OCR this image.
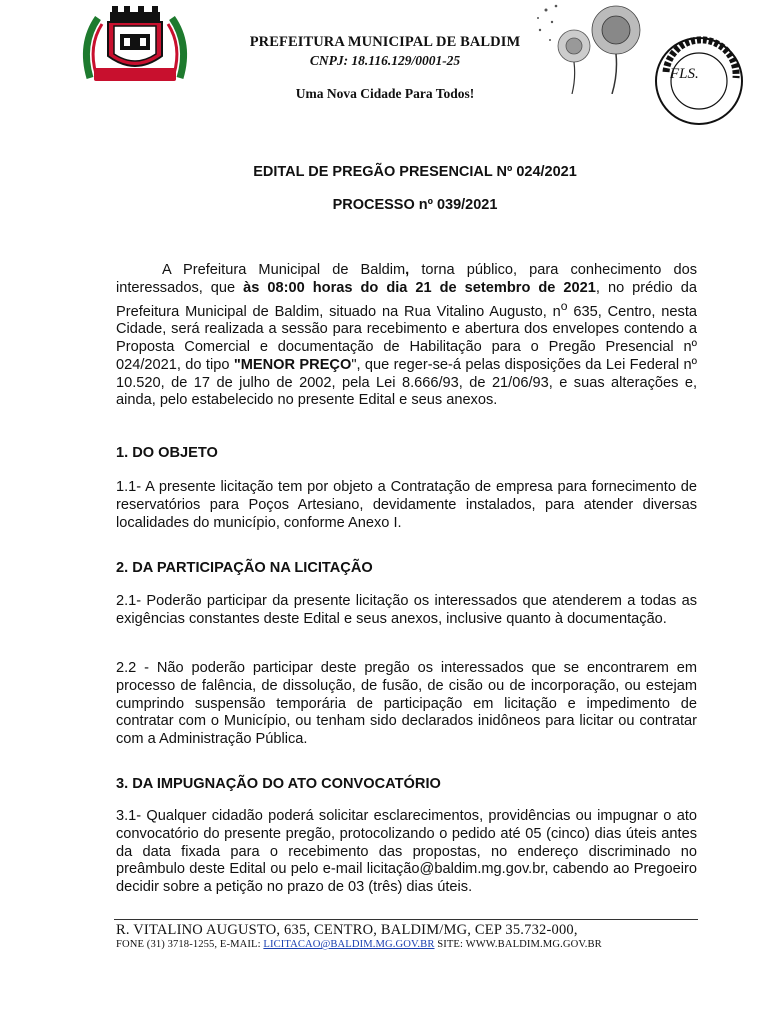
FLS.
PREFEITURA MUNICIPAL DE BALDIM
CNPJ: 18.116.129/0001-25
Uma Nova Cidade Para Todos!
EDITAL DE PREGÃO PRESENCIAL Nº 024/2021
PROCESSO nº 039/2021

A Prefeitura Municipal de Baldim, torna público, para conhecimento dos interessados, que às 08:00 horas do dia 21 de setembro de 2021, no prédio da Prefeitura Municipal de Baldim, situado na Rua Vitalino Augusto, $n^o$ 635, Centro, nesta Cidade, será realizada a sessão para recebimento e abertura dos envelopes contendo a Proposta Comercial e documentação de Habilitação para o Pregão Presencial nº 024/2021, do tipo "MENOR PREÇO", que reger-se-á pelas disposições da Lei Federal nº 10.520, de 17 de julho de 2002, pela Lei 8.666/93, de 21/06/93, e suas alterações e, ainda, pelo estabelecido no presente Edital e seus anexos.

1. DO OBJETO

1.1- A presente licitação tem por objeto a Contratação de empresa para fornecimento de reservatórios para Poços Artesiano, devidamente instalados, para atender diversas localidades do município, conforme Anexo I.

2. DA PARTICIPAÇÃO NA LICITAÇÃO

2.1- Poderão participar da presente licitação os interessados que atenderem a todas as exigências constantes deste Edital e seus anexos, inclusive quanto à documentação.

2.2 - Não poderão participar deste pregão os interessados que se encontrarem em processo de falência, de dissolução, de fusão, de cisão ou de incorporação, ou estejam cumprindo suspensão temporária de participação em licitação e impedimento de contratar com o Município, ou tenham sido declarados inidôneos para licitar ou contratar com a Administração Pública.

3. DA IMPUGNAÇÃO DO ATO CONVOCATÓRIO

3.1- Qualquer cidadão poderá solicitar esclarecimentos, providências ou impugnar o ato convocatório do presente pregão, protocolizando o pedido até 05 (cinco) dias úteis antes da data fixada para o recebimento das propostas, no endereço discriminado no preâmbulo deste Edital ou pelo e-mail licitação@baldim.mg.gov.br, cabendo ao Pregoeiro decidir sobre a petição no prazo de 03 (três) dias úteis.

R. VITALINO AUGUSTO, 635, CENTRO, BALDIM/MG, CEP 35.732-000,
FONE (31) 3718-1255, E-MAIL: LICITACAO@BALDIM.MG.GOV.BR SITE: WWW.BALDIM.MG.GOV.BR
